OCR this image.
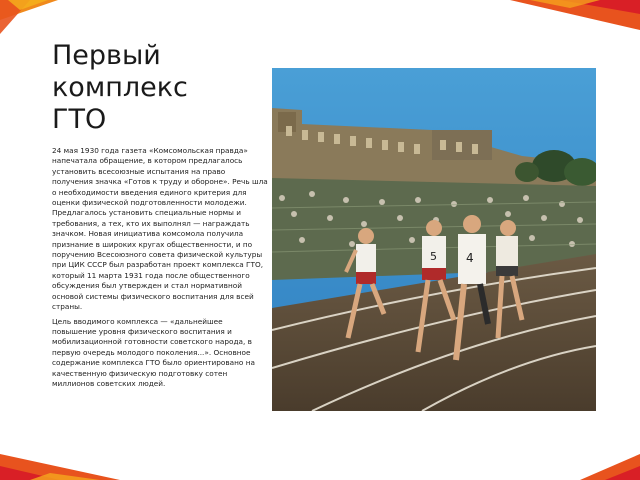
Первый
комплекс
ГТО

24 мая 1930 года газета «Комсомольская правда» напечатала обращение, в котором предлагалось установить всесоюзные испытания на право получения значка «Готов к труду и обороне». Речь шла о необходимости введения единого критерия для оценки физической подготовленности молодежи. Предлагалось установить специальные нормы и требования, а тех, кто их выполнял — награждать значком. Новая инициатива комсомола получила признание в широких кругах общественности, и по поручению Всесоюзного совета физической культуры при ЦИК СССР был разработан проект комплекса ГТО, который 11 марта 1931 года после общественного обсуждения был утвержден и стал нормативной основой системы физического воспитания для всей страны.

Цель вводимого комплекса — «дальнейшее повышение уровня физического воспитания и мобилизационной готовности советского народа, в первую очередь молодого поколения...». Основное содержание комплекса ГТО было ориентировано на качественную физическую подготовку сотен миллионов советских людей.

5 4
